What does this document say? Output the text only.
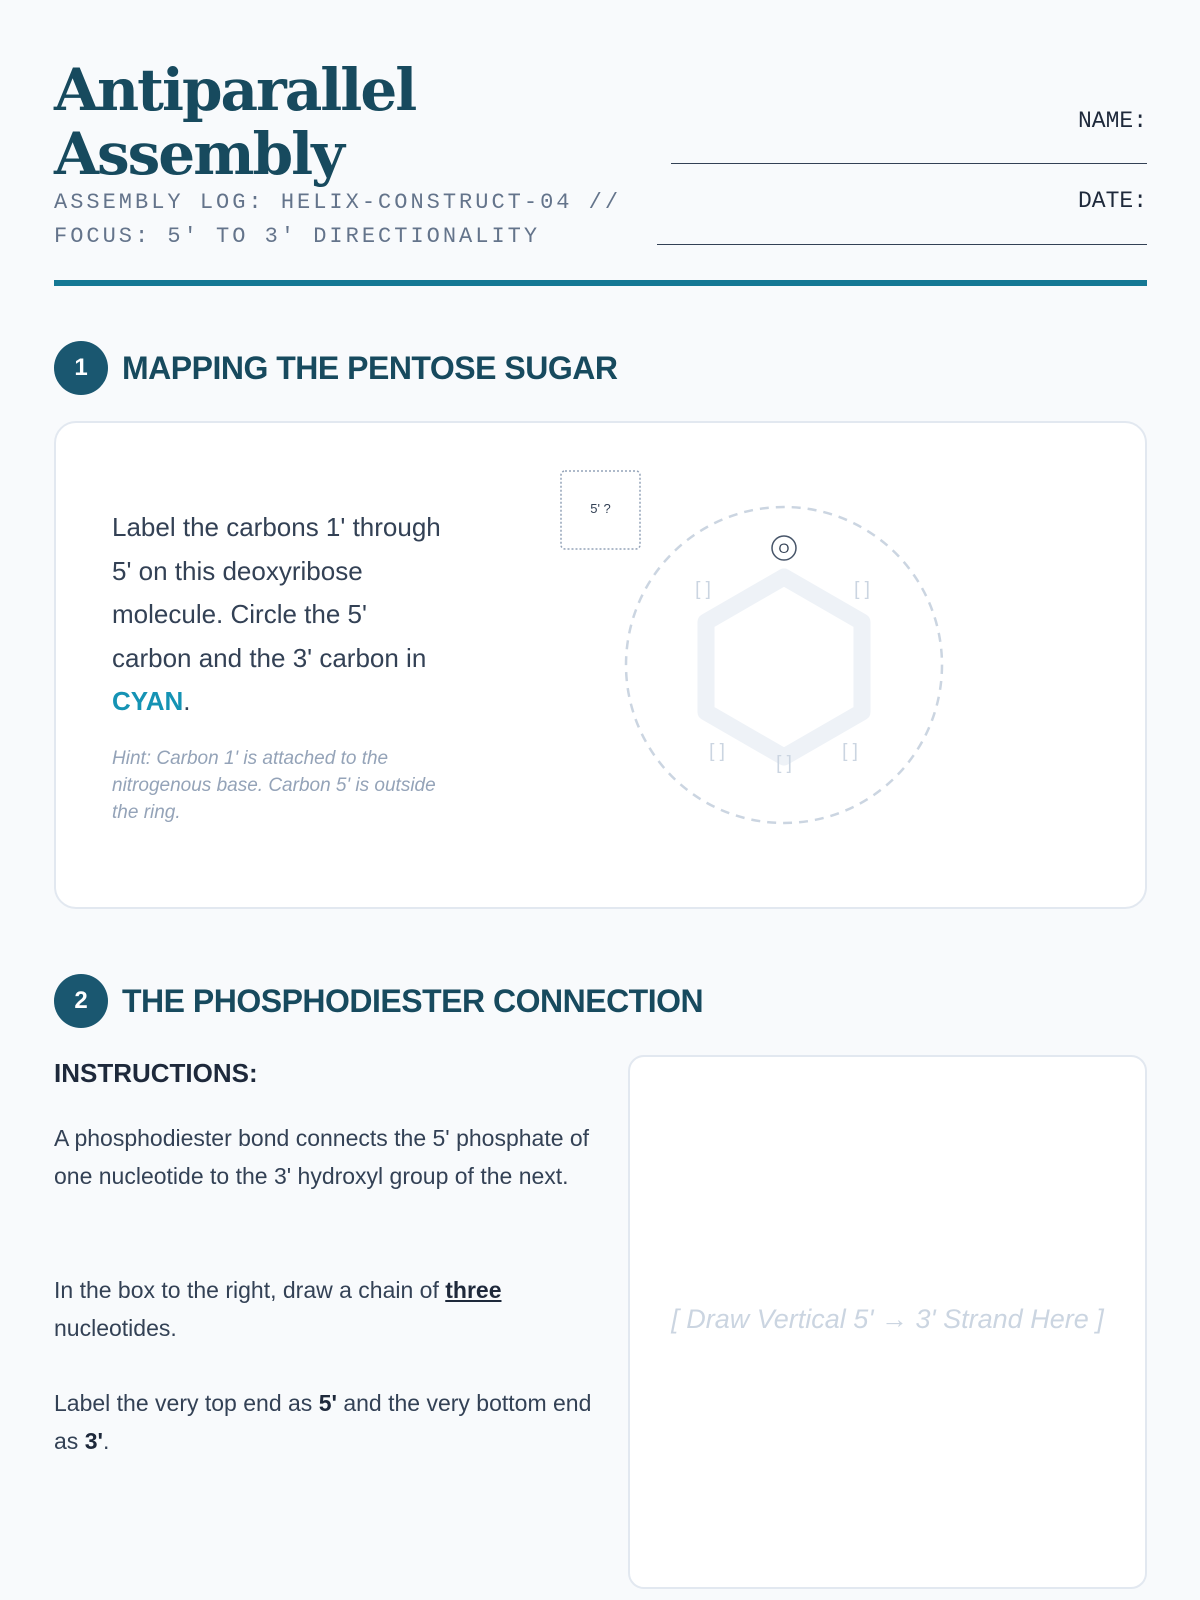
Antiparallel
Assembly
ASSEMBLY LOG: HELIX-CONSTRUCT-04 //
FOCUS: 5' TO 3' DIRECTIONALITY
NAME:
DATE:
1	MAPPING THE PENTOSE SUGAR
Label the carbons 1' through 5' on this deoxyribose molecule. Circle the 5' carbon and the 3' carbon in CYAN.
Hint: Carbon 1' is attached to the nitrogenous base. Carbon 5' is outside the ring.
5' ?
O
[ ]	[ ]
[ ]
[ ]
[ ]
2	THE PHOSPHODIESTER CONNECTION
INSTRUCTIONS:

A phosphodiester bond connects the 5' phosphate of one nucleotide to the 3' hydroxyl group of the next.

In the box to the right, draw a chain of three nucleotides.

Label the very top end as 5' and the very bottom end as 3'.

[ Draw Vertical 5' → 3' Strand Here ]
